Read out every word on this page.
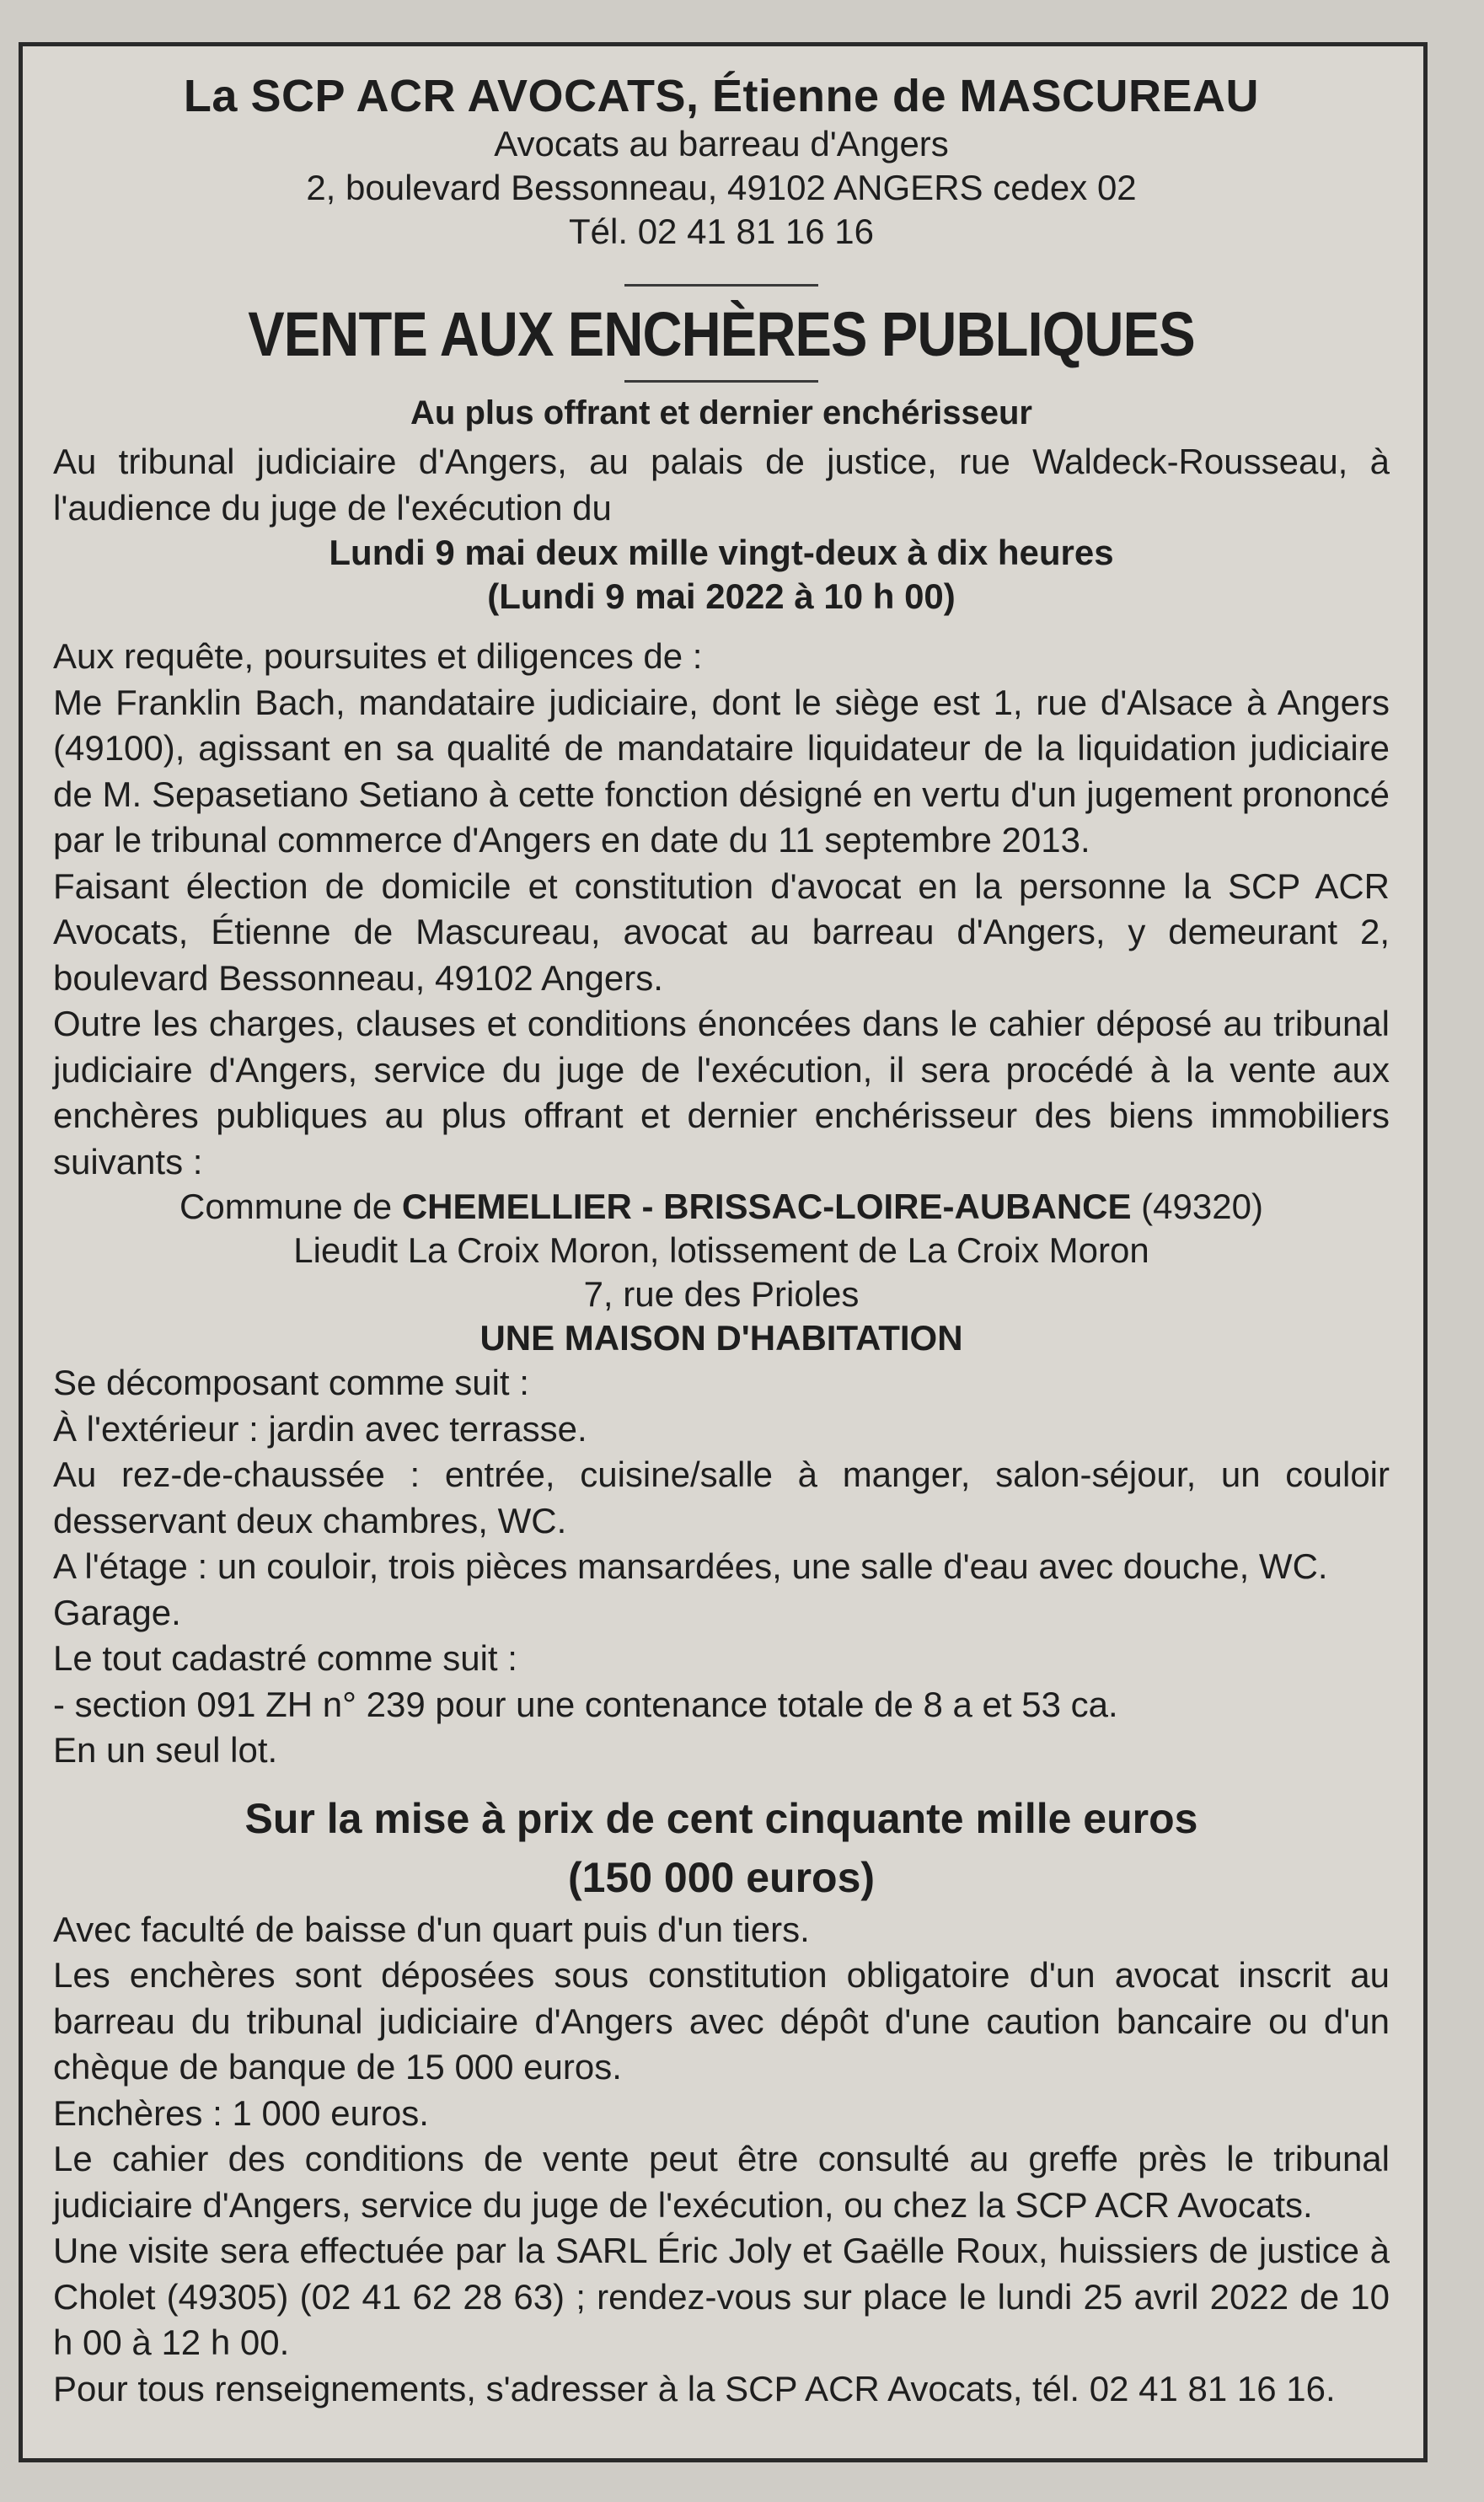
La SCP ACR AVOCATS, Étienne de MASCUREAU
Avocats au barreau d'Angers
2, boulevard Bessonneau, 49102 ANGERS cedex 02
Tél. 02 41 81 16 16
VENTE AUX ENCHÈRES PUBLIQUES
Au plus offrant et dernier enchérisseur

Au tribunal judiciaire d'Angers, au palais de justice, rue Waldeck-Rousseau, à l'audience du juge de l'exécution du

Lundi 9 mai deux mille vingt-deux à dix heures
(Lundi 9 mai 2022 à 10 h 00)

Aux requête, poursuites et diligences de :

Me Franklin Bach, mandataire judiciaire, dont le siège est 1, rue d'Alsace à Angers (49100), agissant en sa qualité de mandataire liquidateur de la liquidation judiciaire de M. Sepasetiano Setiano à cette fonction désigné en vertu d'un jugement prononcé par le tribunal commerce d'Angers en date du 11 septembre 2013.

Faisant élection de domicile et constitution d'avocat en la personne la SCP ACR Avocats, Étienne de Mascureau, avocat au barreau d'Angers, y demeurant 2, boulevard Bessonneau, 49102 Angers.

Outre les charges, clauses et conditions énoncées dans le cahier déposé au tribunal judiciaire d'Angers, service du juge de l'exécution, il sera procédé à la vente aux enchères publiques au plus offrant et dernier enchérisseur des biens immobiliers suivants :

Commune de CHEMELLIER - BRISSAC-LOIRE-AUBANCE (49320)
Lieudit La Croix Moron, lotissement de La Croix Moron
7, rue des Prioles
UNE MAISON D'HABITATION

Se décomposant comme suit :

À l'extérieur : jardin avec terrasse.

Au rez-de-chaussée : entrée, cuisine/salle à manger, salon-séjour, un couloir desservant deux chambres, WC.

A l'étage : un couloir, trois pièces mansardées, une salle d'eau avec douche, WC.

Garage.

Le tout cadastré comme suit :

- section 091 ZH n° 239 pour une contenance totale de 8 a et 53 ca.

En un seul lot.

Sur la mise à prix de cent cinquante mille euros
(150 000 euros)

Avec faculté de baisse d'un quart puis d'un tiers.

Les enchères sont déposées sous constitution obligatoire d'un avocat inscrit au barreau du tribunal judiciaire d'Angers avec dépôt d'une caution bancaire ou d'un chèque de banque de 15 000 euros.

Enchères : 1 000 euros.

Le cahier des conditions de vente peut être consulté au greffe près le tribunal judiciaire d'Angers, service du juge de l'exécution, ou chez la SCP ACR Avocats.

Une visite sera effectuée par la SARL Éric Joly et Gaëlle Roux, huissiers de justice à Cholet (49305) (02 41 62 28 63) ; rendez-vous sur place le lundi 25 avril 2022 de 10 h 00 à 12 h 00.

Pour tous renseignements, s'adresser à la SCP ACR Avocats, tél. 02 41 81 16 16.
